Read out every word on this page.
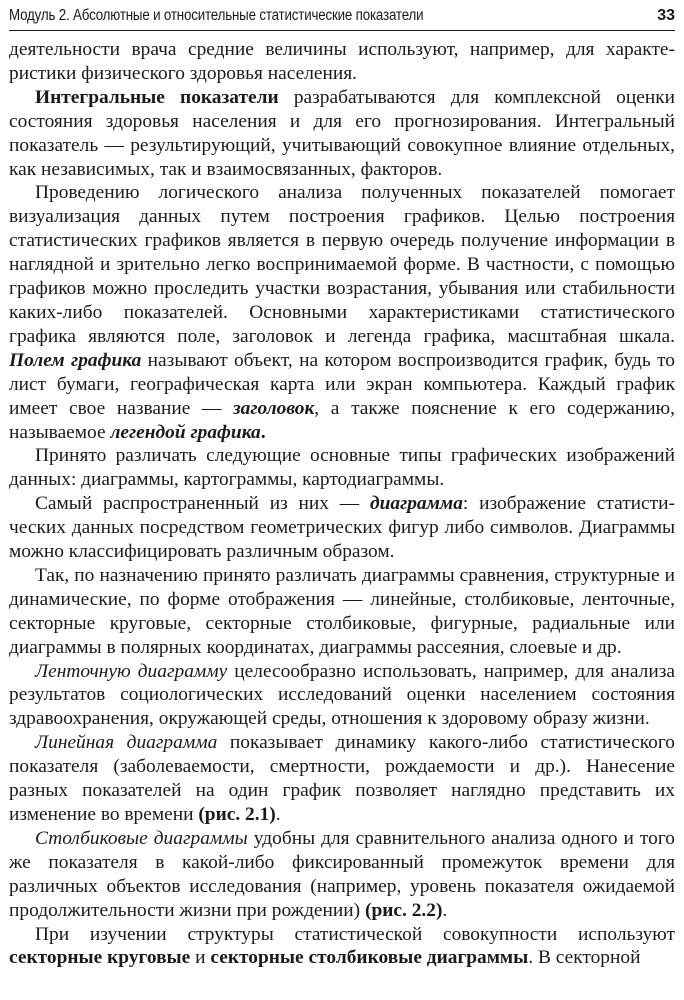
Модуль 2. Абсолютные и относительные статистические показатели	33

деятельности врача средние величины используют, например, для характеристики физического здоровья населения.

Интегральные показатели разрабатываются для комплексной оценки состояния здоровья населения и для его прогнозирования. Интегральный показатель — результирующий, учитывающий совокупное влияние отдельных, как независимых, так и взаимосвязанных, факторов.

Проведению логического анализа полученных показателей помогает визуализация данных путем построения графиков. Целью построения статистических графиков является в первую очередь получение информации в наглядной и зрительно легко воспринимаемой форме. В частности, с помощью графиков можно проследить участки возрастания, убывания или стабильности каких-либо показателей. Основными характеристиками статистического графика являются поле, заголовок и легенда графика, масштабная шкала. Полем графика называют объект, на котором воспроизводится график, будь то лист бумаги, географическая карта или экран компьютера. Каждый график имеет свое название — заголовок, а также пояснение к его содержанию, называемое легендой графика.

Принято различать следующие основные типы графических изображений данных: диаграммы, картограммы, картодиаграммы.

Самый распространенный из них — диаграмма: изображение статистических данных посредством геометрических фигур либо символов. Диаграммы можно классифицировать различным образом.

Так, по назначению принято различать диаграммы сравнения, структурные и динамические, по форме отображения — линейные, столбиковые, ленточные, секторные круговые, секторные столбиковые, фигурные, радиальные или диаграммы в полярных координатах, диаграммы рассеяния, слоевые и др.

Ленточную диаграмму целесообразно использовать, например, для анализа результатов социологических исследований оценки населением состояния здравоохранения, окружающей среды, отношения к здоровому образу жизни.

Линейная диаграмма показывает динамику какого-либо статистического показателя (заболеваемости, смертности, рождаемости и др.). Нанесение разных показателей на один график позволяет наглядно представить их изменение во времени (рис. 2.1).

Столбиковые диаграммы удобны для сравнительного анализа одного и того же показателя в какой-либо фиксированный промежуток времени для различных объектов исследования (например, уровень показателя ожидаемой продолжительности жизни при рождении) (рис. 2.2).

При изучении структуры статистической совокупности используют секторные круговые и секторные столбиковые диаграммы. В секторной
